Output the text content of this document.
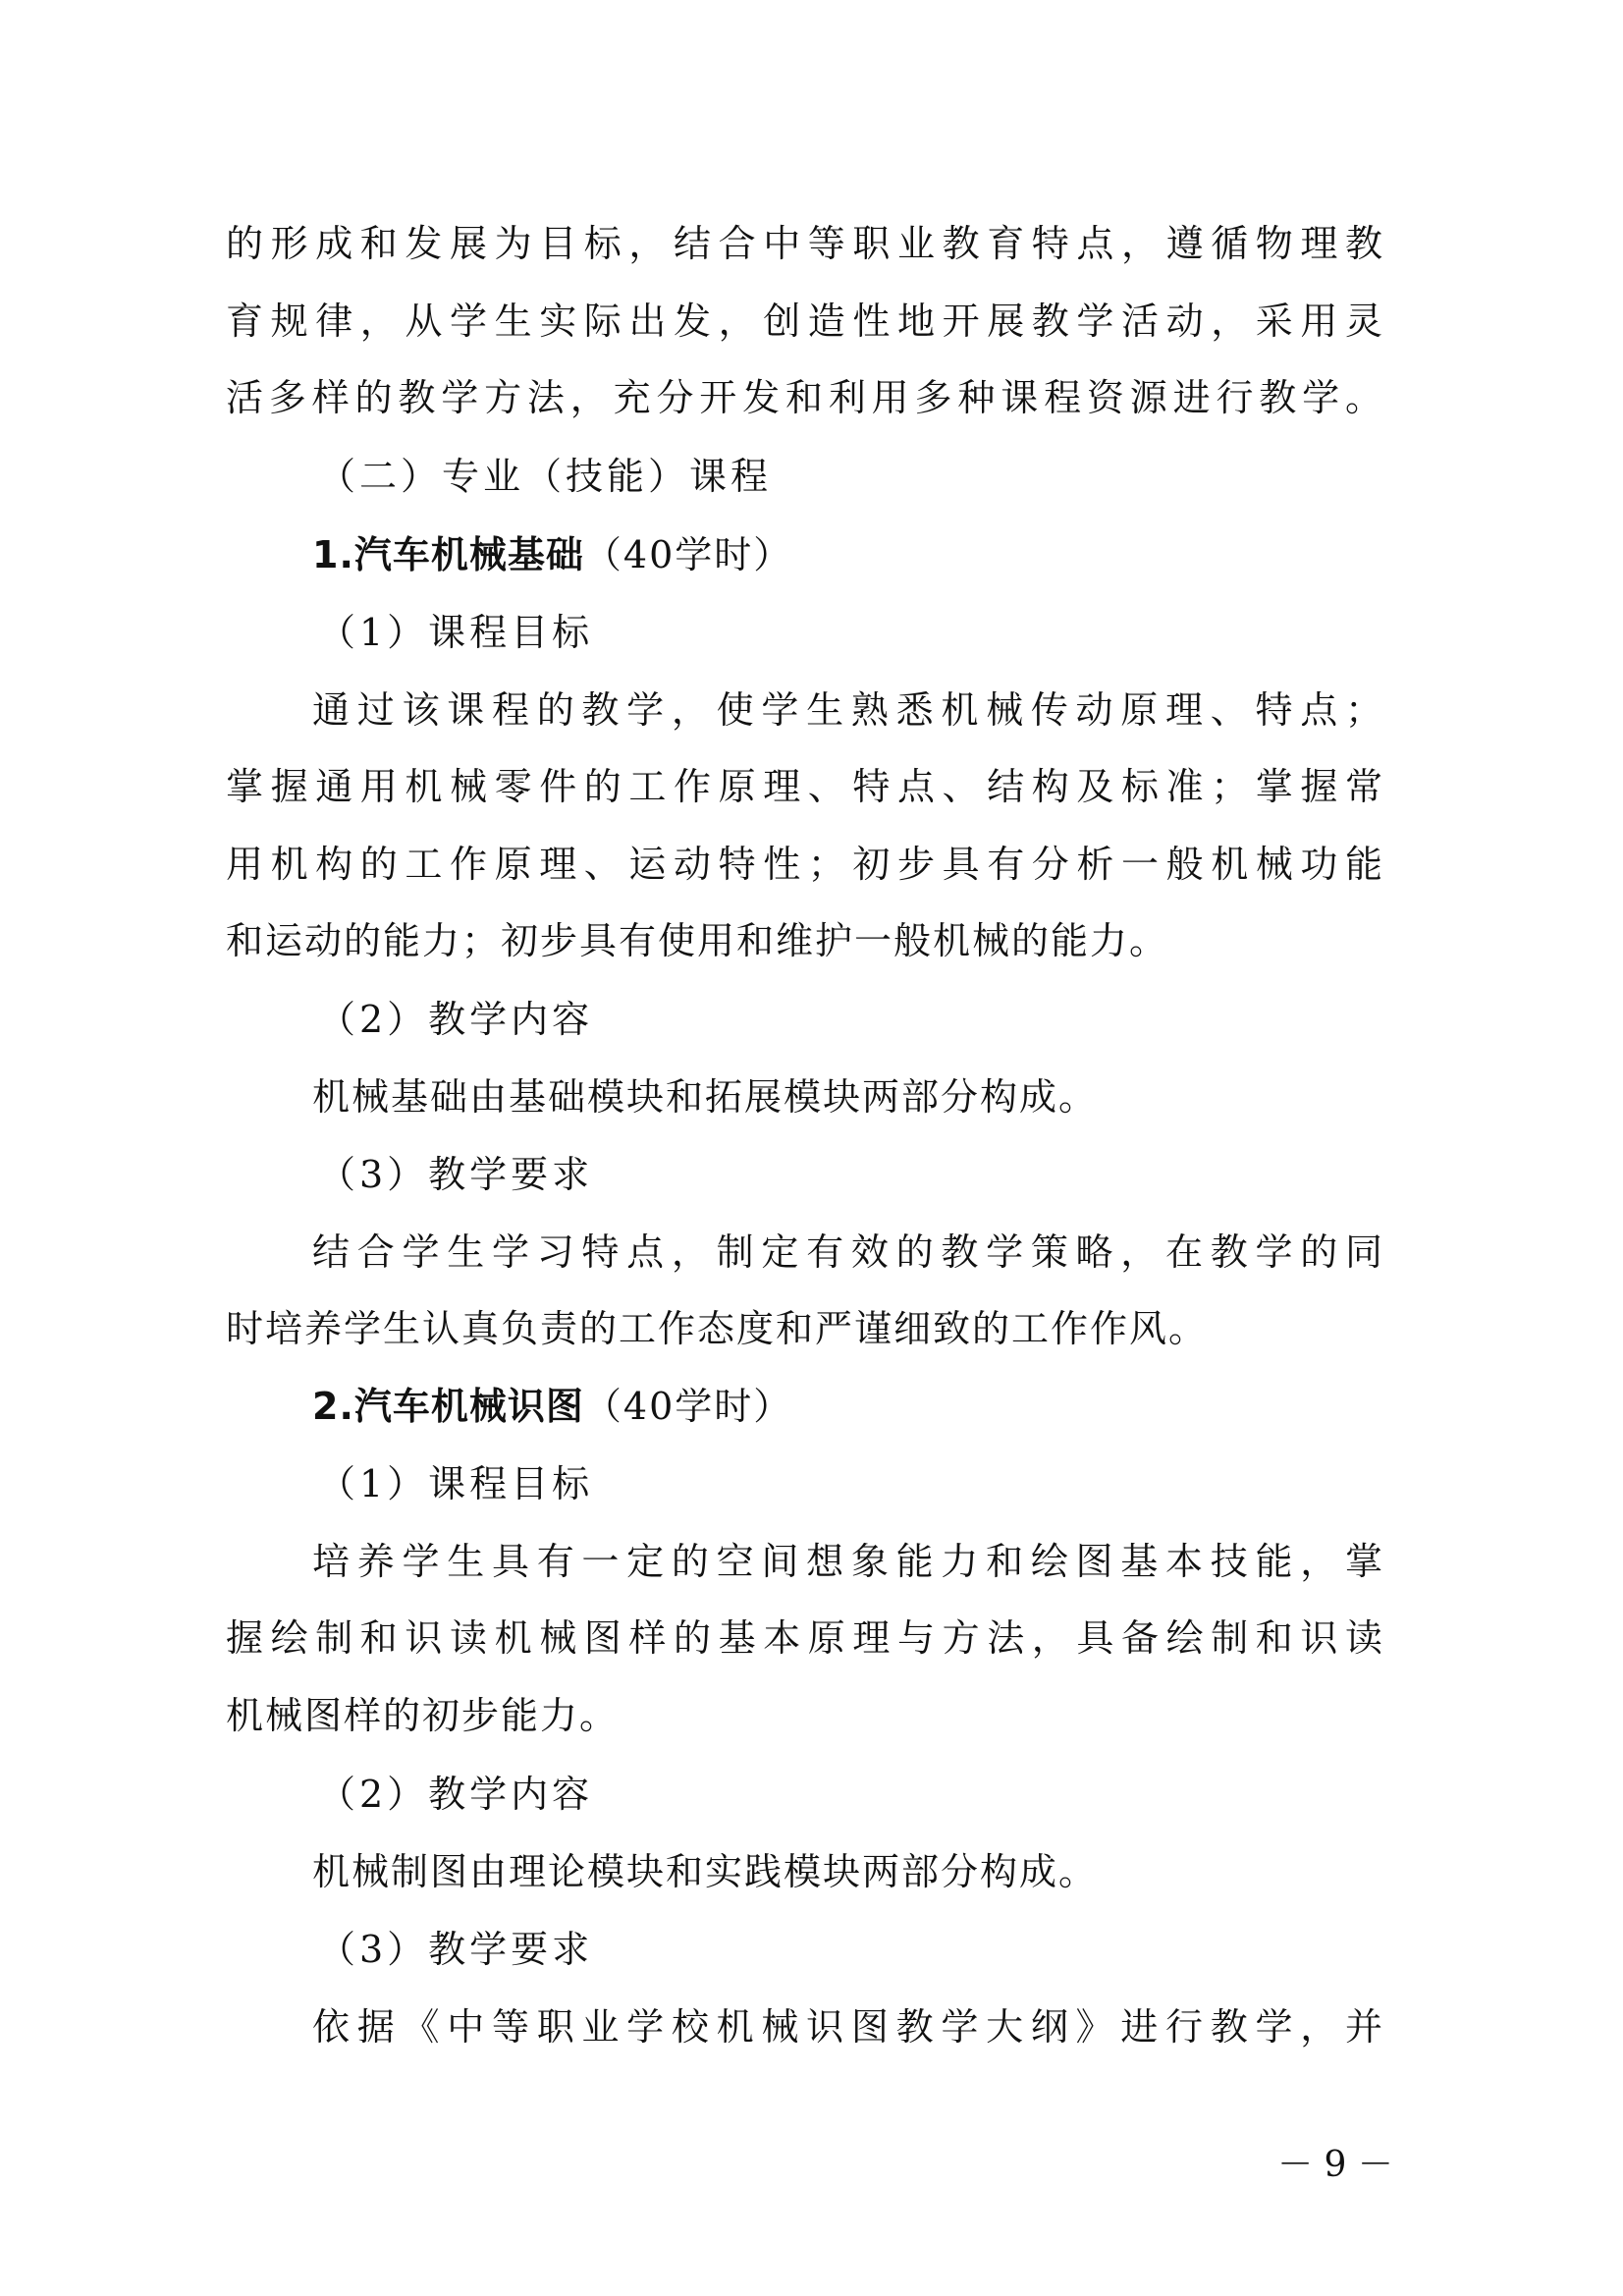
的形成和发展为目标，结合中等职业教育特点，遵循物理教
育规律，从学生实际出发，创造性地开展教学活动，采用灵
活多样的教学方法，充分开发和利用多种课程资源进行教学。
（二）专业（技能）课程
1.汽车机械基础（40学时）
（1）课程目标
通过该课程的教学，使学生熟悉机械传动原理、特点；
掌握通用机械零件的工作原理、特点、结构及标准；掌握常
用机构的工作原理、运动特性；初步具有分析一般机械功能
和运动的能力；初步具有使用和维护一般机械的能力。
（2）教学内容
机械基础由基础模块和拓展模块两部分构成。
（3）教学要求
结合学生学习特点，制定有效的教学策略，在教学的同
时培养学生认真负责的工作态度和严谨细致的工作作风。
2.汽车机械识图（40学时）
（1）课程目标
培养学生具有一定的空间想象能力和绘图基本技能，掌
握绘制和识读机械图样的基本原理与方法，具备绘制和识读
机械图样的初步能力。
（2）教学内容
机械制图由理论模块和实践模块两部分构成。
（3）教学要求
依据《中等职业学校机械识图教学大纲》进行教学，并
－ 9 －
